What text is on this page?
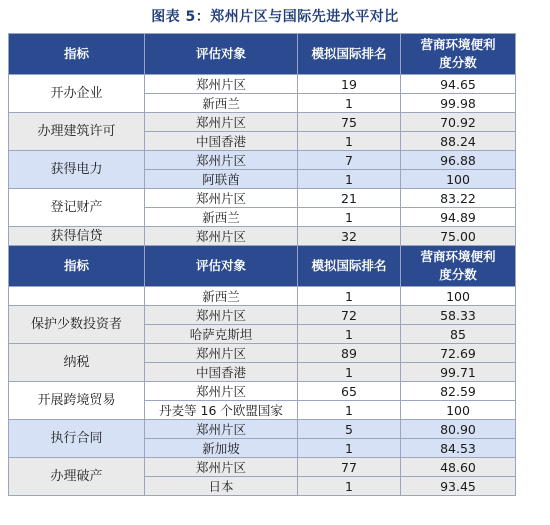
图表 5：郑州片区与国际先进水平对比
指标	评估对象	模拟国际排名	营商环境便利度分数
开办企业	郑州片区	19	94.65
	新西兰	1	99.98
办理建筑许可	郑州片区	75	70.92
	中国香港	1	88.24
获得电力	郑州片区	7	96.88
	阿联酋	1	100
登记财产	郑州片区	21	83.22
	新西兰	1	94.89
获得信贷	郑州片区	32	75.00
指标	评估对象	模拟国际排名	营商环境便利度分数
	新西兰	1	100
保护少数投资者	郑州片区	72	58.33
	哈萨克斯坦	1	85
纳税	郑州片区	89	72.69
	中国香港	1	99.71
开展跨境贸易	郑州片区	65	82.59
	丹麦等 16 个欧盟国家	1	100
执行合同	郑州片区	5	80.90
	新加坡	1	84.53
办理破产	郑州片区	77	48.60
	日本	1	93.45
